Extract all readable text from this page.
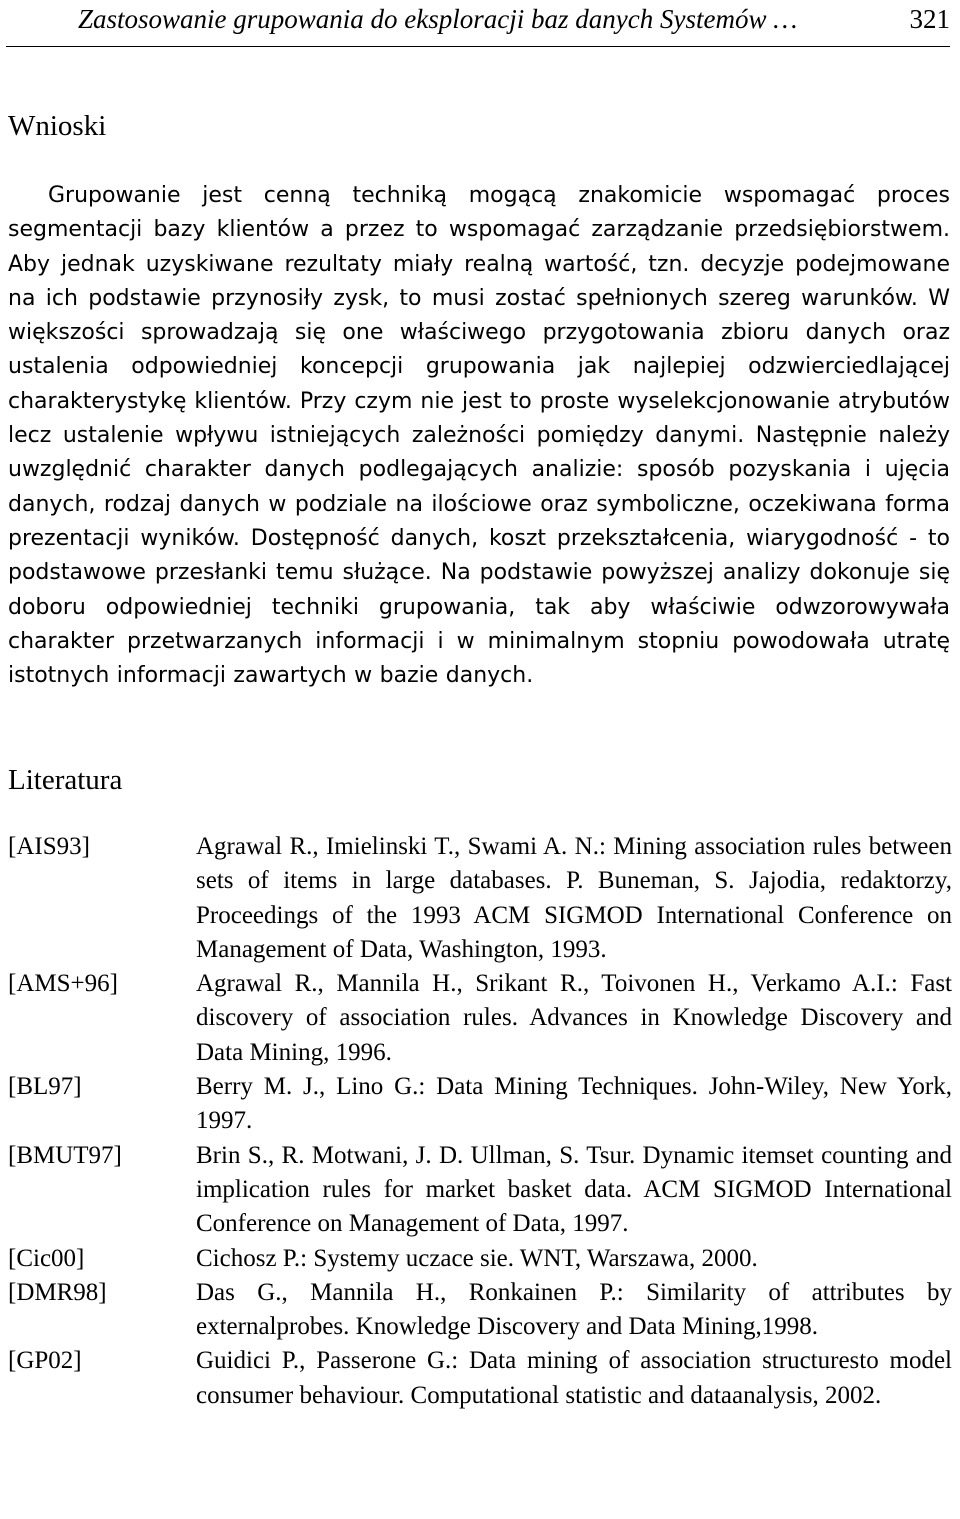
Zastosowanie grupowania do eksploracji baz danych Systemów …	321
Wnioski

Grupowanie jest cenną techniką mogącą znakomicie wspomagać proces segmentacji bazy klientów a przez to wspomagać zarządzanie przedsiębiorstwem. Aby jednak uzyskiwane rezultaty miały realną wartość, tzn. decyzje podejmowane na ich podstawie przynosiły zysk, to musi zostać spełnionych szereg warunków. W większości sprowadzają się one właściwego przygotowania zbioru danych oraz ustalenia odpowiedniej koncepcji grupowania jak najlepiej odzwierciedlającej charakterystykę klientów. Przy czym nie jest to proste wyselekcjonowanie atrybutów lecz ustalenie wpływu istniejących zależności pomiędzy danymi. Następnie należy uwzględnić charakter danych podlegających analizie: sposób pozyskania i ujęcia danych, rodzaj danych w podziale na ilościowe oraz symboliczne, oczekiwana forma prezentacji wyników. Dostępność danych, koszt przekształcenia, wiarygodność - to podstawowe przesłanki temu służące. Na podstawie powyższej analizy dokonuje się doboru odpowiedniej techniki grupowania, tak aby właściwie odwzorowywała charakter przetwarzanych informacji i w minimalnym stopniu powodowała utratę istotnych informacji zawartych w bazie danych.

Literatura
[AIS93]	Agrawal R., Imielinski T., Swami A. N.: Mining association rules between sets of items in large databases. P. Buneman, S. Jajodia, redaktorzy, Proceedings of the 1993 ACM SIGMOD International Conference on Management of Data, Washington, 1993.
[AMS+96]	Agrawal R., Mannila H., Srikant R., Toivonen H., Verkamo A.I.: Fast discovery of association rules. Advances in Knowledge Discovery and Data Mining, 1996.
[BL97]	Berry M. J., Lino G.: Data Mining Techniques. John-Wiley, New York, 1997.
[BMUT97]	Brin S., R. Motwani, J. D. Ullman, S. Tsur. Dynamic itemset counting and implication rules for market basket data. ACM SIGMOD International Conference on Management of Data, 1997.
[Cic00]	Cichosz P.: Systemy uczace sie. WNT, Warszawa, 2000.
[DMR98]	Das G., Mannila H., Ronkainen P.: Similarity of attributes by externalprobes. Knowledge Discovery and Data Mining,1998.
[GP02]	Guidici P., Passerone G.: Data mining of association structuresto model consumer behaviour. Computational statistic and dataanalysis, 2002.
